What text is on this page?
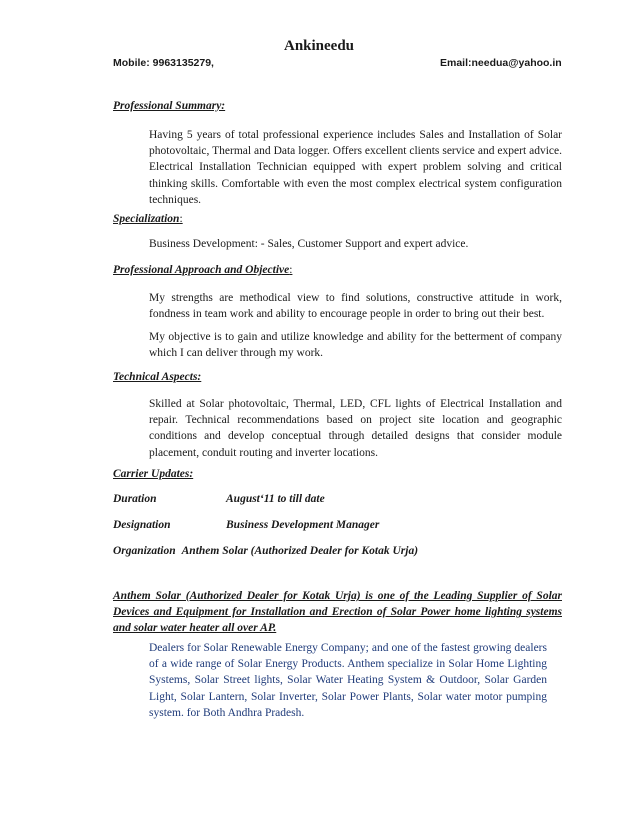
Ankineedu
Mobile: 9963135279,	Email:needua@yahoo.in
Professional Summary:
Having 5 years of total professional experience includes Sales and Installation of Solar photovoltaic, Thermal and Data logger. Offers excellent clients service and expert advice. Electrical Installation Technician equipped with expert problem solving and critical thinking skills. Comfortable with even the most complex electrical system configuration techniques.
Specialization:
Business Development: - Sales, Customer Support and expert advice.
Professional Approach and Objective:
My strengths are methodical view to find solutions, constructive attitude in work, fondness in team work and ability to encourage people in order to bring out their best.
My objective is to gain and utilize knowledge and ability for the betterment of company which I can deliver through my work.
Technical Aspects:
Skilled at Solar photovoltaic, Thermal, LED, CFL lights of Electrical Installation and repair. Technical recommendations based on project site location and geographic conditions and develop conceptual through detailed designs that consider module placement, conduit routing and inverter locations.
Carrier Updates:
Duration	August‘11 to till date
Designation	Business Development Manager
Organization Anthem Solar (Authorized Dealer for Kotak Urja)
Anthem Solar (Authorized Dealer for Kotak Urja) is one of the Leading Supplier of Solar Devices and Equipment for Installation and Erection of Solar Power home lighting systems and solar water heater all over AP.
Dealers for Solar Renewable Energy Company; and one of the fastest growing dealers of a wide range of Solar Energy Products. Anthem specialize in Solar Home Lighting Systems, Solar Street lights, Solar Water Heating System & Outdoor, Solar Garden Light, Solar Lantern, Solar Inverter, Solar Power Plants, Solar water motor pumping system. for Both Andhra Pradesh.
